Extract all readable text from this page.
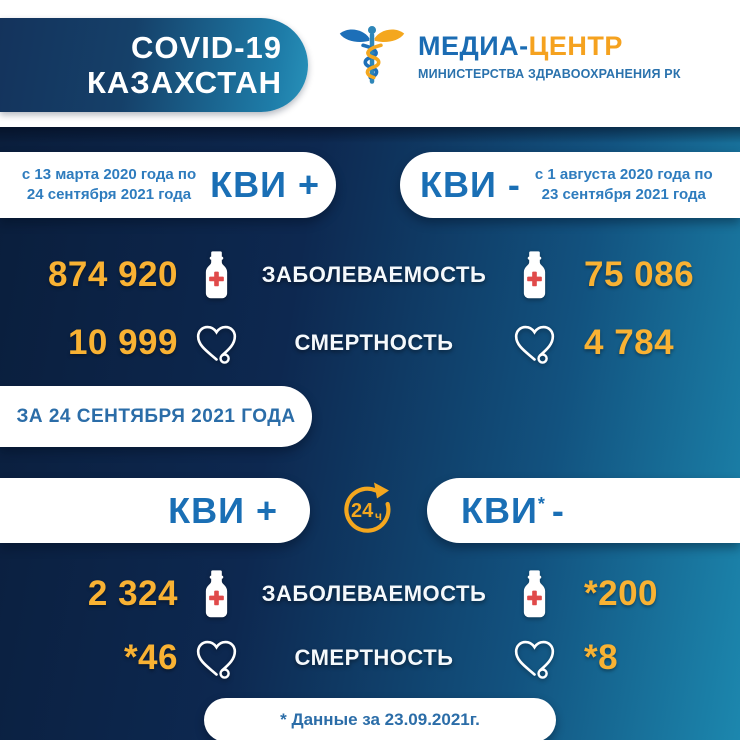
COVID-19
КАЗАХСТАН
МЕДИА-ЦЕНТР
МИНИСТЕРСТВА ЗДРАВООХРАНЕНИЯ РК
с 13 марта 2020 года по
24 сентября 2021 года КВИ +	КВИ - с 1 августа 2020 года по
23 сентября 2021 года
874 920	ЗАБОЛЕВАЕМОСТЬ	75 086
10 999	СМЕРТНОСТЬ	4 784
ЗА 24 СЕНТЯБРЯ 2021 ГОДА
КВИ +	24 ч КВИ* -
2 324	ЗАБОЛЕВАЕМОСТЬ	*200
*46	СМЕРТНОСТЬ	*8
* Данные за 23.09.2021г.
